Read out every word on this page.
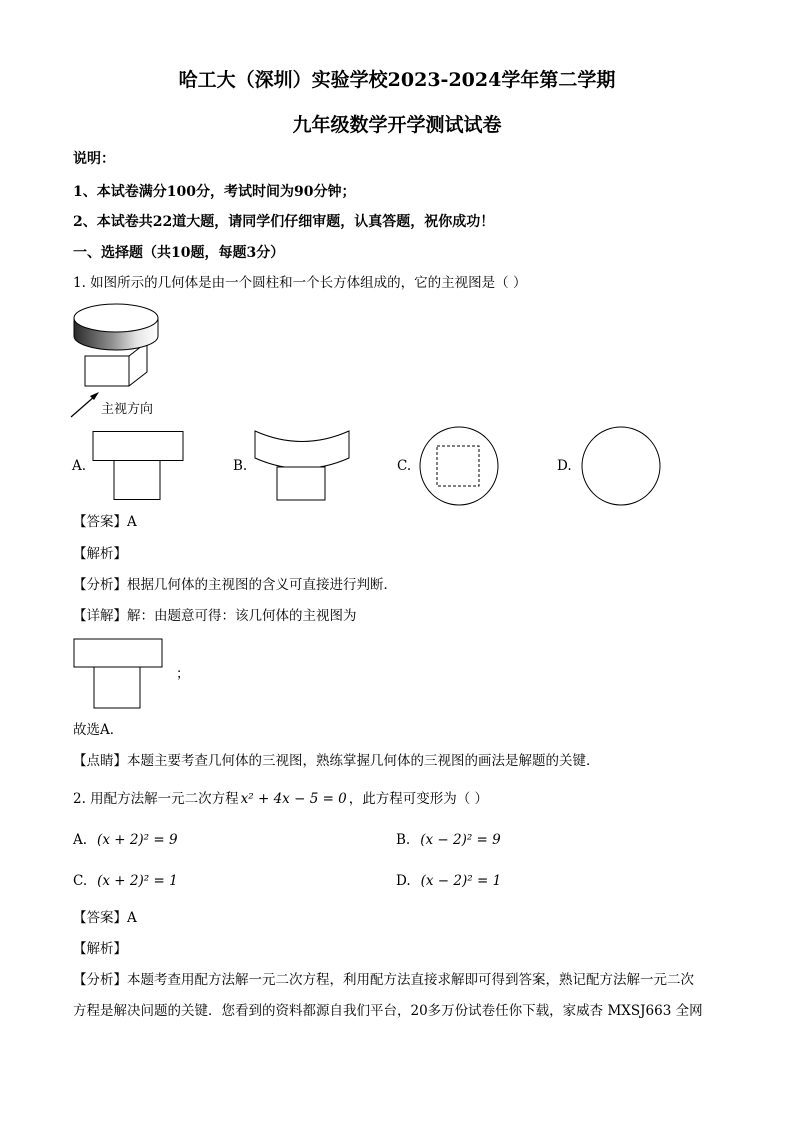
哈工大（深圳）实验学校2023-2024学年第二学期
九年级数学开学测试试卷
说明：
1、本试卷满分100分，考试时间为90分钟；
2、本试卷共22道大题，请同学们仔细审题，认真答题，祝你成功！
一、选择题（共10题，每题3分）
1. 如图所示的几何体是由一个圆柱和一个长方体组成的，它的主视图是（ ）
主视方向
A.	B.	C.	D.
【答案】A
【解析】
【分析】根据几何体的主视图的含义可直接进行判断．
【详解】解：由题意可得：该几何体的主视图为
；
故选A．
【点睛】本题主要考查几何体的三视图，熟练掌握几何体的三视图的画法是解题的关键．
2. 用配方法解一元二次方程 x² + 4x − 5 = 0 ，此方程可变形为（ ）
A. (x + 2)² = 9	B. (x − 2)² = 9
C. (x + 2)² = 1	D. (x − 2)² = 1
【答案】A
【解析】
【分析】本题考查用配方法解一元二次方程，利用配方法直接求解即可得到答案，熟记配方法解一元二次
方程是解决问题的关键．您看到的资料都源自我们平台，20多万份试卷任你下载，家威杏 MXSJ663 全网
